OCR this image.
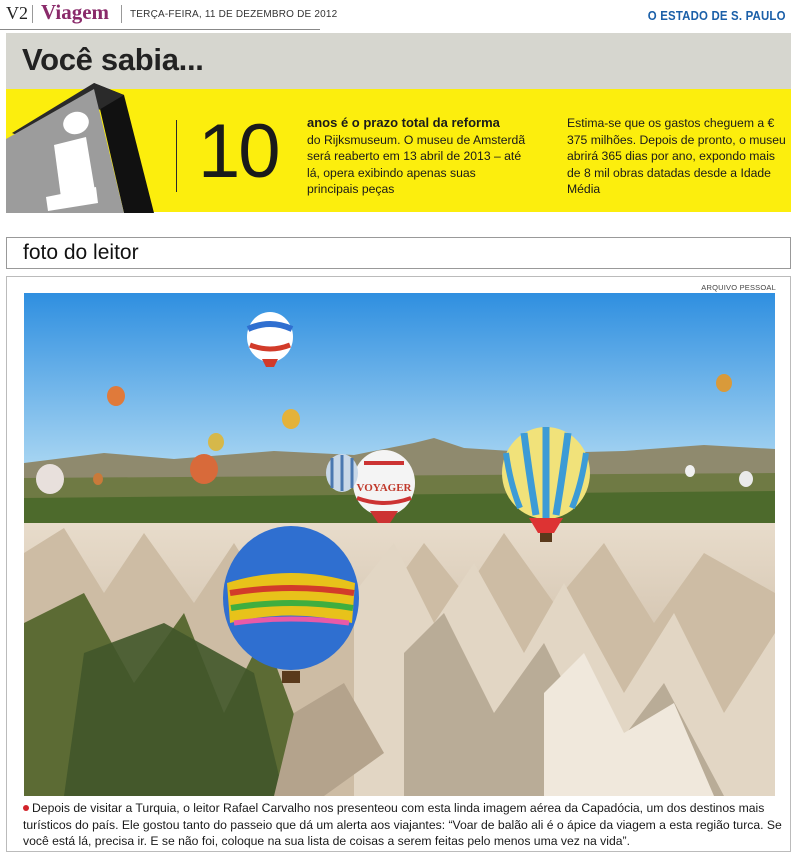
V2 Viagem TERÇA-FEIRA, 11 DE DEZEMBRO DE 2012	O ESTADO DE S. PAULO
Você sabia...
10 anos é o prazo total da reforma
do Rijksmuseum. O museu de Amsterdã será reaberto em 13 abril de 2013 – até lá, opera exibindo apenas suas principais peças
Estima-se que os gastos cheguem a € 375 milhões. Depois de pronto, o museu abrirá 365 dias por ano, expondo mais de 8 mil obras datadas desde a Idade Média
foto do leitor
ARQUIVO PESSOAL
VOYAGER
Depois de visitar a Turquia, o leitor Rafael Carvalho nos presenteou com esta linda imagem aérea da Capadócia, um dos destinos mais turísticos do país. Ele gostou tanto do passeio que dá um alerta aos viajantes: “Voar de balão ali é o ápice da viagem a esta região turca. Se você está lá, precisa ir. E se não foi, coloque na sua lista de coisas a serem feitas pelo menos uma vez na vida”.
